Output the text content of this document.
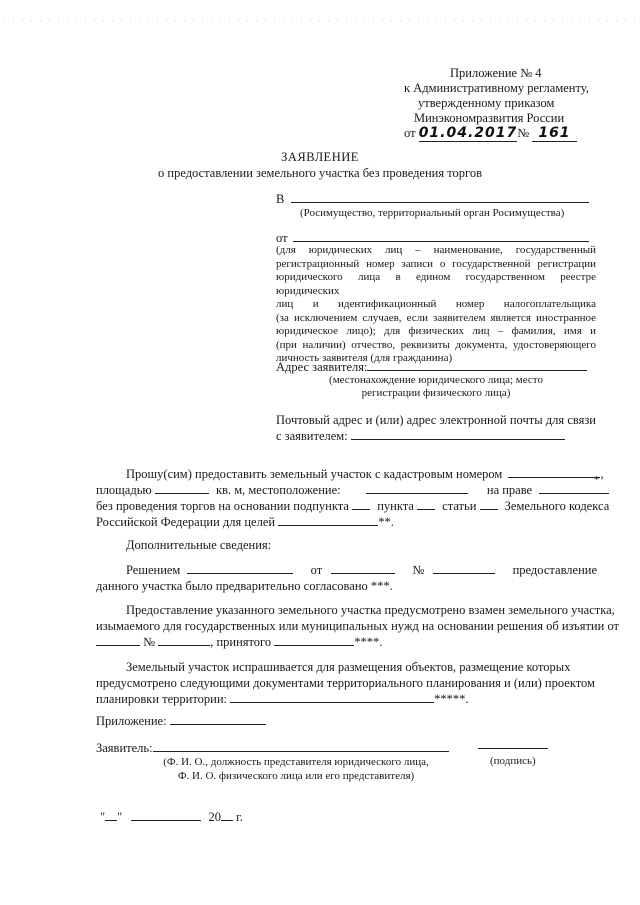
Приложение № 4
к Административному регламенту,
утвержденному приказом
Минэкономразвития России
от 01.04.2017№ 161
ЗАЯВЛЕНИЕ
о предоставлении земельного участка без проведения торгов
В
(Росимущество, территориальный орган Росимущества)
от
(для юридических лиц – наименование, государственный
регистрационный номер записи о государственной регистрации
юридического лица в едином государственном реестре юридических
лиц и идентификационный номер налогоплательщика
(за исключением случаев, если заявителем является иностранное
юридическое лицо); для физических лиц – фамилия, имя и
(при наличии) отчество, реквизиты документа, удостоверяющего
личность заявителя (для гражданина)
Адрес заявителя:
(местонахождение юридического лица; место
регистрации физического лица)
Почтовый адрес и (или) адрес электронной почты для связи
с заявителем:
Прошу(сим) предоставить земельный участок с кадастровым номером	,
площадью	кв. м, местоположение:	на праве
без проведения торгов на основании подпункта пункта статьи Земельного кодекса
Российской Федерации для целей	**.
*
Дополнительные сведения:
Решением	от	№	предоставление
данного участка было предварительно согласовано ***.
Предоставление указанного земельного участка предусмотрено взамен земельного участка,
изымаемого для государственных или муниципальных нужд на основании решения об изъятии от
№	, принятого	****.
Земельный участок испрашивается для размещения объектов, размещение которых
предусмотрено следующими документами территориального планирования и (или) проектом
планировки территории:	*****.
Приложение:
Заявитель:
(Ф. И. О., должность представителя юридического лица,
Ф. И. О. физического лица или его представителя)
(подпись)
" "	20 г.
